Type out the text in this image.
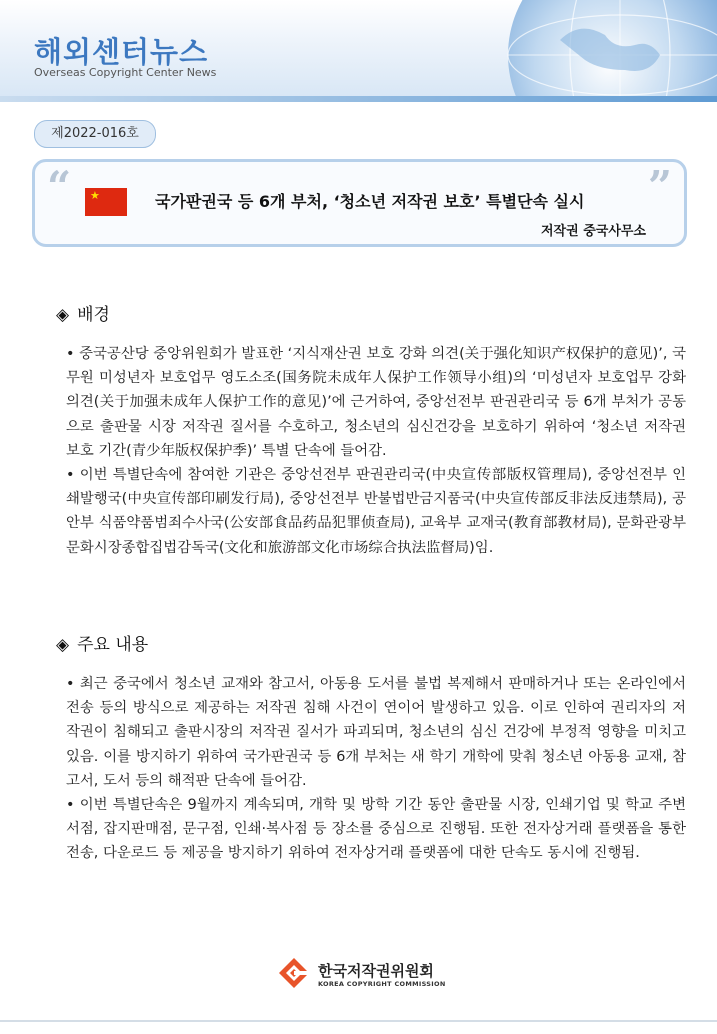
해외센터뉴스
Overseas Copyright Center News
제2022-016호
“	”
★	국가판권국 등 6개 부처, ‘청소년 저작권 보호’ 특별단속 실시
저작권 중국사무소
◈ 배경

• 중국공산당 중앙위원회가 발표한 ‘지식재산권 보호 강화 의견(关于强化知识产权保护的意见)’, 국무원 미성년자 보호업무 영도소조(国务院未成年人保护工作领导小组)의 ‘미성년자 보호업무 강화의견(关于加强未成年人保护工作的意见)’에 근거하여, 중앙선전부 판권관리국 등 6개 부처가 공동으로 출판물 시장 저작권 질서를 수호하고, 청소년의 심신건강을 보호하기 위하여 ‘청소년 저작권 보호 기간(青少年版权保护季)’ 특별 단속에 들어감.

• 이번 특별단속에 참여한 기관은 중앙선전부 판권관리국(中央宣传部版权管理局), 중앙선전부 인쇄발행국(中央宣传部印刷发行局), 중앙선전부 반불법반금지품국(中央宣传部反非法反违禁局), 공안부 식품약품범죄수사국(公安部食品药品犯罪侦查局), 교육부 교재국(教育部教材局), 문화관광부 문화시장종합집법감독국(文化和旅游部文化市场综合执法监督局)임.

◈ 주요 내용

• 최근 중국에서 청소년 교재와 참고서, 아동용 도서를 불법 복제해서 판매하거나 또는 온라인에서 전송 등의 방식으로 제공하는 저작권 침해 사건이 연이어 발생하고 있음. 이로 인하여 권리자의 저작권이 침해되고 출판시장의 저작권 질서가 파괴되며, 청소년의 심신 건강에 부정적 영향을 미치고 있음. 이를 방지하기 위하여 국가판권국 등 6개 부처는 새 학기 개학에 맞춰 청소년 아동용 교재, 참고서, 도서 등의 해적판 단속에 들어감.

• 이번 특별단속은 9월까지 계속되며, 개학 및 방학 기간 동안 출판물 시장, 인쇄기업 및 학교 주변 서점, 잡지판매점, 문구점, 인쇄·복사점 등 장소를 중심으로 진행됨. 또한 전자상거래 플랫폼을 통한 전송, 다운로드 등 제공을 방지하기 위하여 전자상거래 플랫폼에 대한 단속도 동시에 진행됨.

한국저작권위원회
KOREA COPYRIGHT COMMISSION
